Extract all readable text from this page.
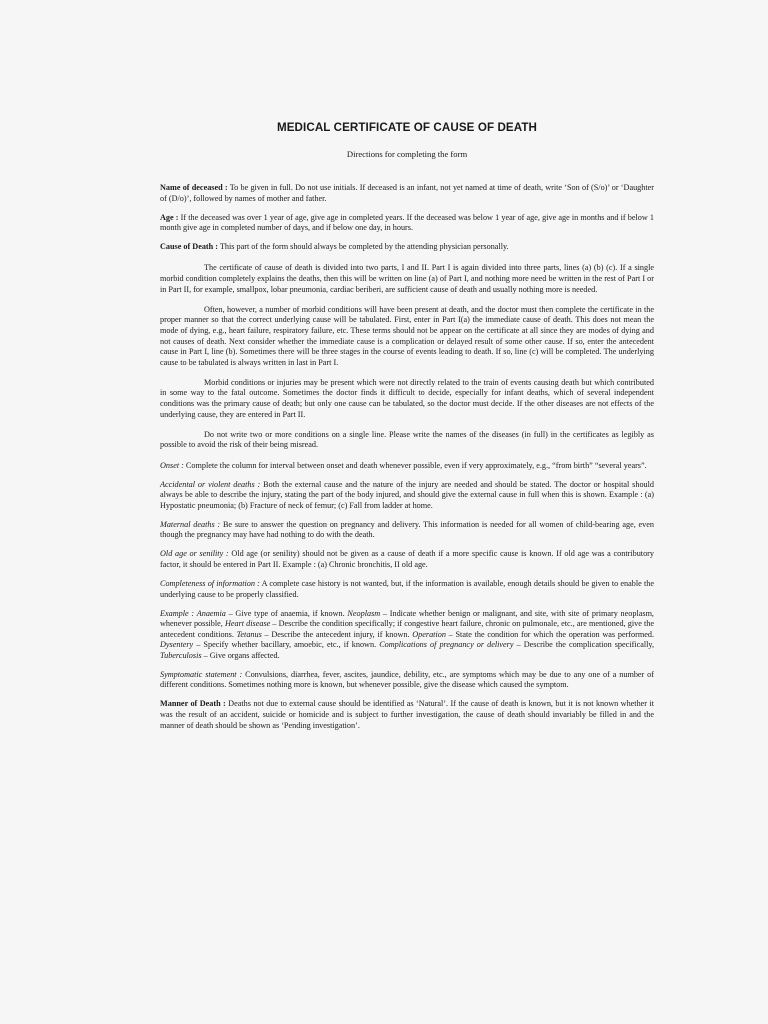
MEDICAL CERTIFICATE OF CAUSE OF DEATH
Directions for completing the form

Name of deceased : To be given in full. Do not use initials. If deceased is an infant, not yet named at time of death, write ‘Son of (S/o)’ or ‘Daughter of (D/o)’, followed by names of mother and father.

Age : If the deceased was over 1 year of age, give age in completed years. If the deceased was below 1 year of age, give age in months and if below 1 month give age in completed number of days, and if below one day, in hours.

Cause of Death : This part of the form should always be completed by the attending physician personally.

The certificate of cause of death is divided into two parts, I and II. Part I is again divided into three parts, lines (a) (b) (c). If a single morbid condition completely explains the deaths, then this will be written on line (a) of Part I, and nothing more need be written in the rest of Part I or in Part II, for example, smallpox, lobar pneumonia, cardiac beriberi, are sufficient cause of death and usually nothing more is needed.

Often, however, a number of morbid conditions will have been present at death, and the doctor must then complete the certificate in the proper manner so that the correct underlying cause will be tabulated. First, enter in Part I(a) the immediate cause of death. This does not mean the mode of dying, e.g., heart failure, respiratory failure, etc. These terms should not be appear on the certificate at all since they are modes of dying and not causes of death. Next consider whether the immediate cause is a complication or delayed result of some other cause. If so, enter the antecedent cause in Part I, line (b). Sometimes there will be three stages in the course of events leading to death. If so, line (c) will be completed. The underlying cause to be tabulated is always written in last in Part I.

Morbid conditions or injuries may be present which were not directly related to the train of events causing death but which contributed in some way to the fatal outcome. Sometimes the doctor finds it difficult to decide, especially for infant deaths, which of several independent conditions was the primary cause of death; but only one cause can be tabulated, so the doctor must decide. If the other diseases are not effects of the underlying cause, they are entered in Part II.

Do not write two or more conditions on a single line. Please write the names of the diseases (in full) in the certificates as legibly as possible to avoid the risk of their being misread.

Onset : Complete the column for interval between onset and death whenever possible, even if very approximately, e.g., “from birth” “several years”.

Accidental or violent deaths : Both the external cause and the nature of the injury are needed and should be stated. The doctor or hospital should always be able to describe the injury, stating the part of the body injured, and should give the external cause in full when this is shown. Example : (a) Hypostatic pneumonia; (b) Fracture of neck of femur; (c) Fall from ladder at home.

Maternal deaths : Be sure to answer the question on pregnancy and delivery. This information is needed for all women of child-bearing age, even though the pregnancy may have had nothing to do with the death.

Old age or senility : Old age (or senility) should not be given as a cause of death if a more specific cause is known. If old age was a contributory factor, it should be entered in Part II. Example : (a) Chronic bronchitis, II old age.

Completeness of information : A complete case history is not wanted, but, if the information is available, enough details should be given to enable the underlying cause to be properly classified.

Example : Anaemia – Give type of anaemia, if known. Neoplasm – Indicate whether benign or malignant, and site, with site of primary neoplasm, whenever possible, Heart disease – Describe the condition specifically; if congestive heart failure, chronic on pulmonale, etc., are mentioned, give the antecedent conditions. Tetanus – Describe the antecedent injury, if known. Operation – State the condition for which the operation was performed. Dysentery – Specify whether bacillary, amoebic, etc., if known. Complications of pregnancy or delivery – Describe the complication specifically, Tuberculosis – Give organs affected.

Symptomatic statement : Convulsions, diarrhea, fever, ascites, jaundice, debility, etc., are symptoms which may be due to any one of a number of different conditions. Sometimes nothing more is known, but whenever possible, give the disease which caused the symptom.

Manner of Death : Deaths not due to external cause should be identified as ‘Natural’. If the cause of death is known, but it is not known whether it was the result of an accident, suicide or homicide and is subject to further investigation, the cause of death should invariably be filled in and the manner of death should be shown as ‘Pending investigation’.
